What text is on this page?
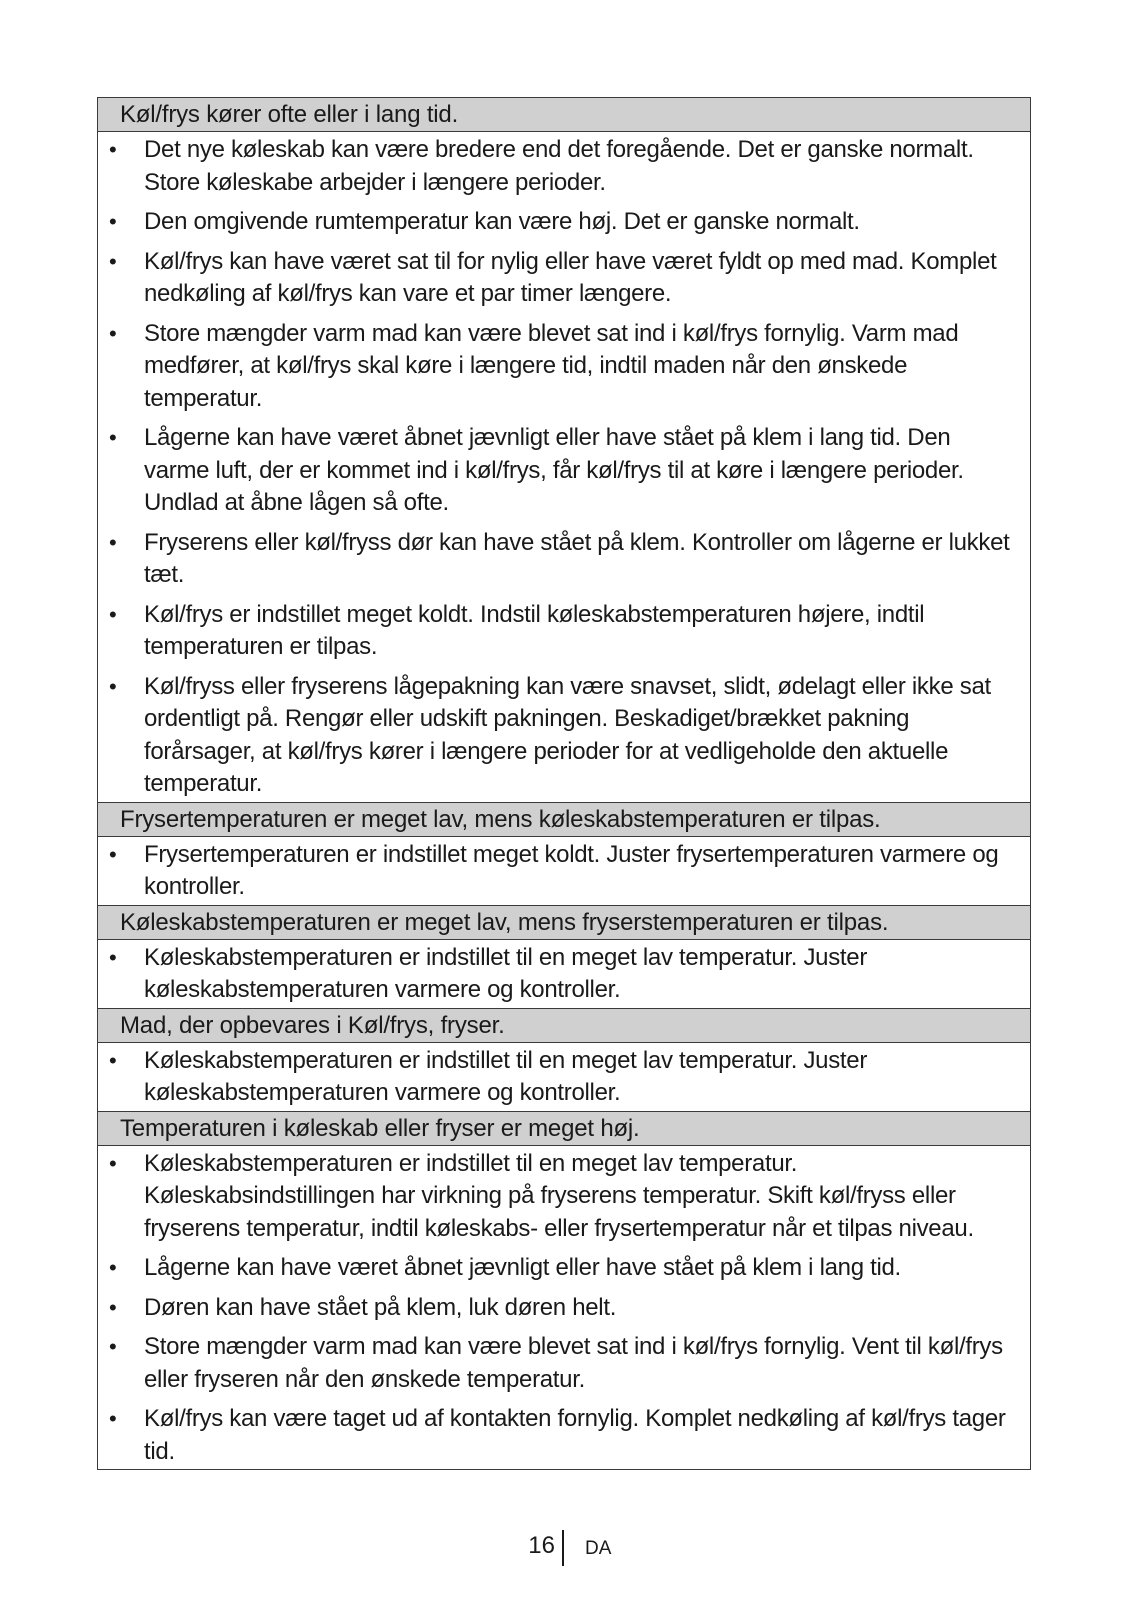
Køl/frys kører ofte eller i lang tid.
• Det nye køleskab kan være bredere end det foregående. Det er ganske normalt. Store køleskabe arbejder i længere perioder.
• Den omgivende rumtemperatur kan være høj. Det er ganske normalt.
• Køl/frys kan have været sat til for nylig eller have været fyldt op med mad. Komplet nedkøling af køl/frys kan vare et par timer længere.
• Store mængder varm mad kan være blevet sat ind i køl/frys fornylig. Varm mad medfører, at køl/frys skal køre i længere tid, indtil maden når den ønskede temperatur.
• Lågerne kan have været åbnet jævnligt eller have stået på klem i lang tid. Den varme luft, der er kommet ind i køl/frys, får køl/frys til at køre i længere perioder. Undlad at åbne lågen så ofte.
• Fryserens eller køl/fryss dør kan have stået på klem. Kontroller om lågerne er lukket tæt.
• Køl/frys er indstillet meget koldt. Indstil køleskabstemperaturen højere, indtil temperaturen er tilpas.
• Køl/fryss eller fryserens lågepakning kan være snavset, slidt, ødelagt eller ikke sat ordentligt på. Rengør eller udskift pakningen. Beskadiget/brækket pakning forårsager, at køl/frys kører i længere perioder for at vedligeholde den aktuelle temperatur.
Frysertemperaturen er meget lav, mens køleskabstemperaturen er tilpas.
• Frysertemperaturen er indstillet meget koldt. Juster frysertemperaturen varmere og kontroller.
Køleskabstemperaturen er meget lav, mens fryserstemperaturen er tilpas.
• Køleskabstemperaturen er indstillet til en meget lav temperatur. Juster køleskabstemperaturen varmere og kontroller.
Mad, der opbevares i Køl/frys, fryser.
• Køleskabstemperaturen er indstillet til en meget lav temperatur. Juster køleskabstemperaturen varmere og kontroller.
Temperaturen i køleskab eller fryser er meget høj.
• Køleskabstemperaturen er indstillet til en meget lav temperatur. Køleskabsindstillingen har virkning på fryserens temperatur. Skift køl/fryss eller fryserens temperatur, indtil køleskabs- eller frysertemperatur når et tilpas niveau.
• Lågerne kan have været åbnet jævnligt eller have stået på klem i lang tid.
• Døren kan have stået på klem, luk døren helt.
• Store mængder varm mad kan være blevet sat ind i køl/frys fornylig. Vent til køl/frys eller fryseren når den ønskede temperatur.
• Køl/frys kan være taget ud af kontakten fornylig. Komplet nedkøling af køl/frys tager tid.
16 DA
